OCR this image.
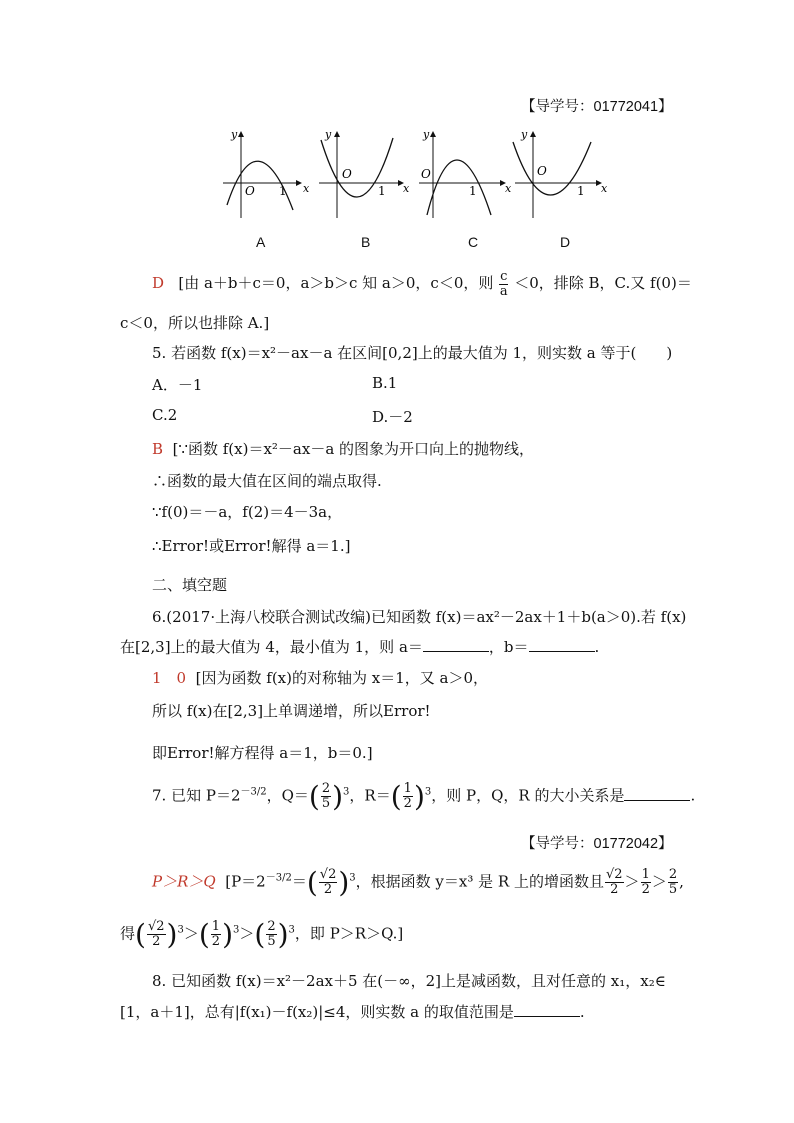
【导学号：01772041】
y
O 1 x
y
O
1 x
y
O
1	x
y
O
1 x
A	B	C	D
D [由 a＋b＋c＝0，a＞b＞c 知 a＞0，c＜0，则 $\frac{c}{a} <0$，排除 B，C.又 f(0)＝
c＜0，所以也排除 A.]
5. 若函数 f(x)＝x²－ax－a 在区间[0,2]上的最大值为 1，则实数 a 等于(　　)
A．－1	B.1
C.2	D.－2
B [∵函数 f(x)＝x²－ax－a 的图象为开口向上的抛物线，
∴函数的最大值在区间的端点取得.
∵f(0)＝－a，f(2)＝4－3a，
∴Error!或Error!解得 a＝1.]
二、填空题
6.(2017·上海八校联合测试改编)已知函数 f(x)＝ax²－2ax＋1＋b(a＞0).若 f(x)
在[2,3]上的最大值为 4，最小值为 1，则 a＝	，b＝	.
1　0 [因为函数 f(x)的对称轴为 x＝1，又 a＞0，
所以 f(x)在[2,3]上单调递增，所以Error!
即Error!解方程得 a＝1，b＝0.]
7. 已知 $P=2^{-3/2}$，$Q=( \frac{2}{5} )^3$，$R=( \frac{1}{2} )^3$，则 P，Q，R 的大小关系是	.
【导学号：01772042】
P＞R＞Q [$P=2^{-3/2}=( \frac{√2}{2} )^3$，根据函数 y＝x³ 是 R 上的增函数且 $\frac{√2}{2} > \frac{1}{2} > \frac{2}{5}$ ,
得( $\frac{√2}{2} )^3>( \frac{1}{2} )^3>( \frac{2}{5} )^3$，即 P＞R＞Q.]
8. 已知函数 f(x)＝x²－2ax＋5 在(－∞，2]上是减函数，且对任意的 x₁，x₂∈
[1，a＋1]，总有|f(x₁)－f(x₂)|≤4，则实数 a 的取值范围是	.
